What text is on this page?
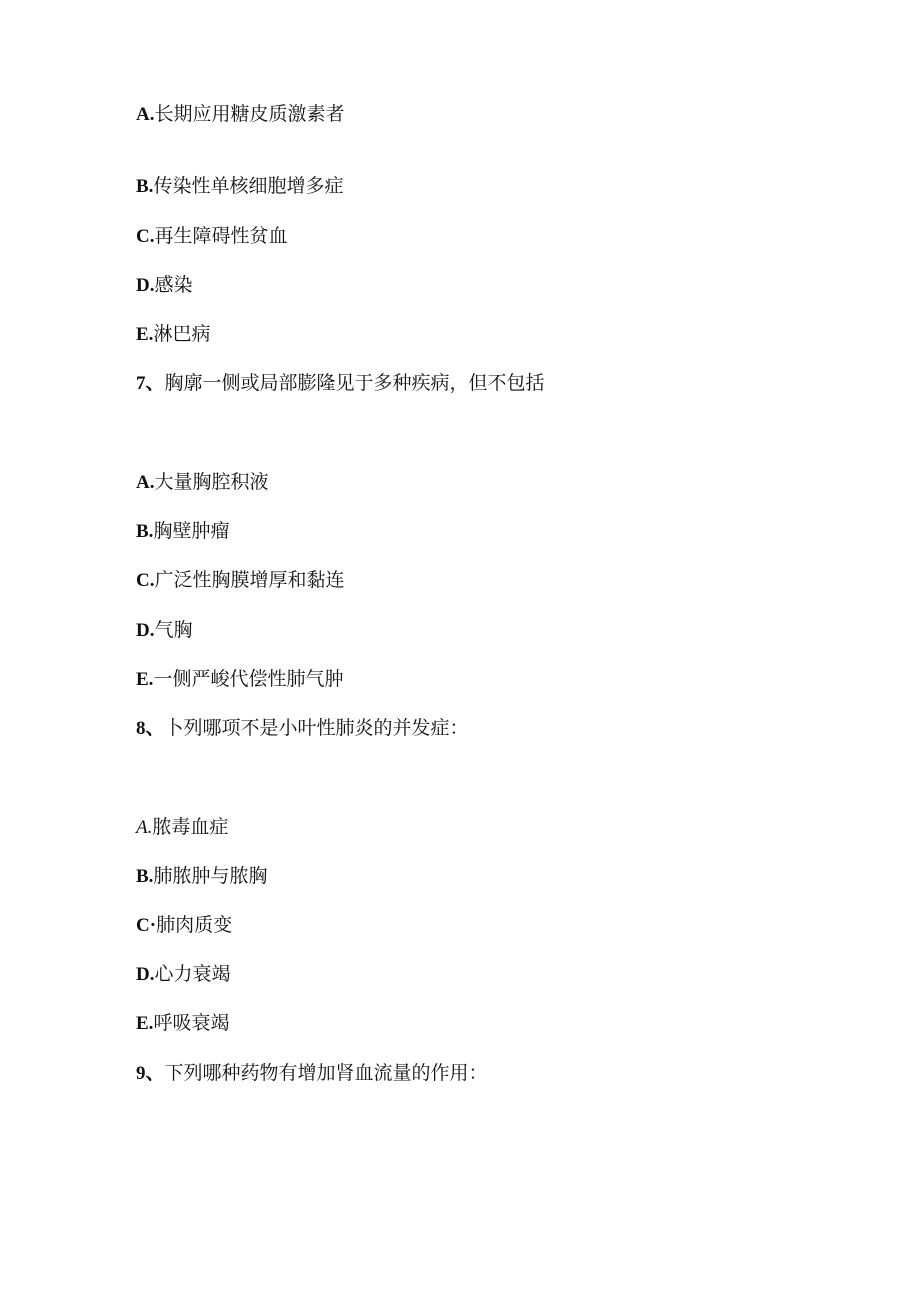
A.长期应用糖皮质激素者
B.传染性单核细胞增多症
C.再生障碍性贫血
D.感染
E.淋巴病
7、胸廓一侧或局部膨隆见于多种疾病，但不包括
A.大量胸腔积液
B.胸壁肿瘤
C.广泛性胸膜增厚和黏连
D.气胸
E.一侧严峻代偿性肺气肿
8、卜列哪项不是小叶性肺炎的并发症：
A.脓毒血症
B.肺脓肿与脓胸
C·肺肉质变
D.心力衰竭
E.呼吸衰竭
9、下列哪种药物有增加肾血流量的作用：
